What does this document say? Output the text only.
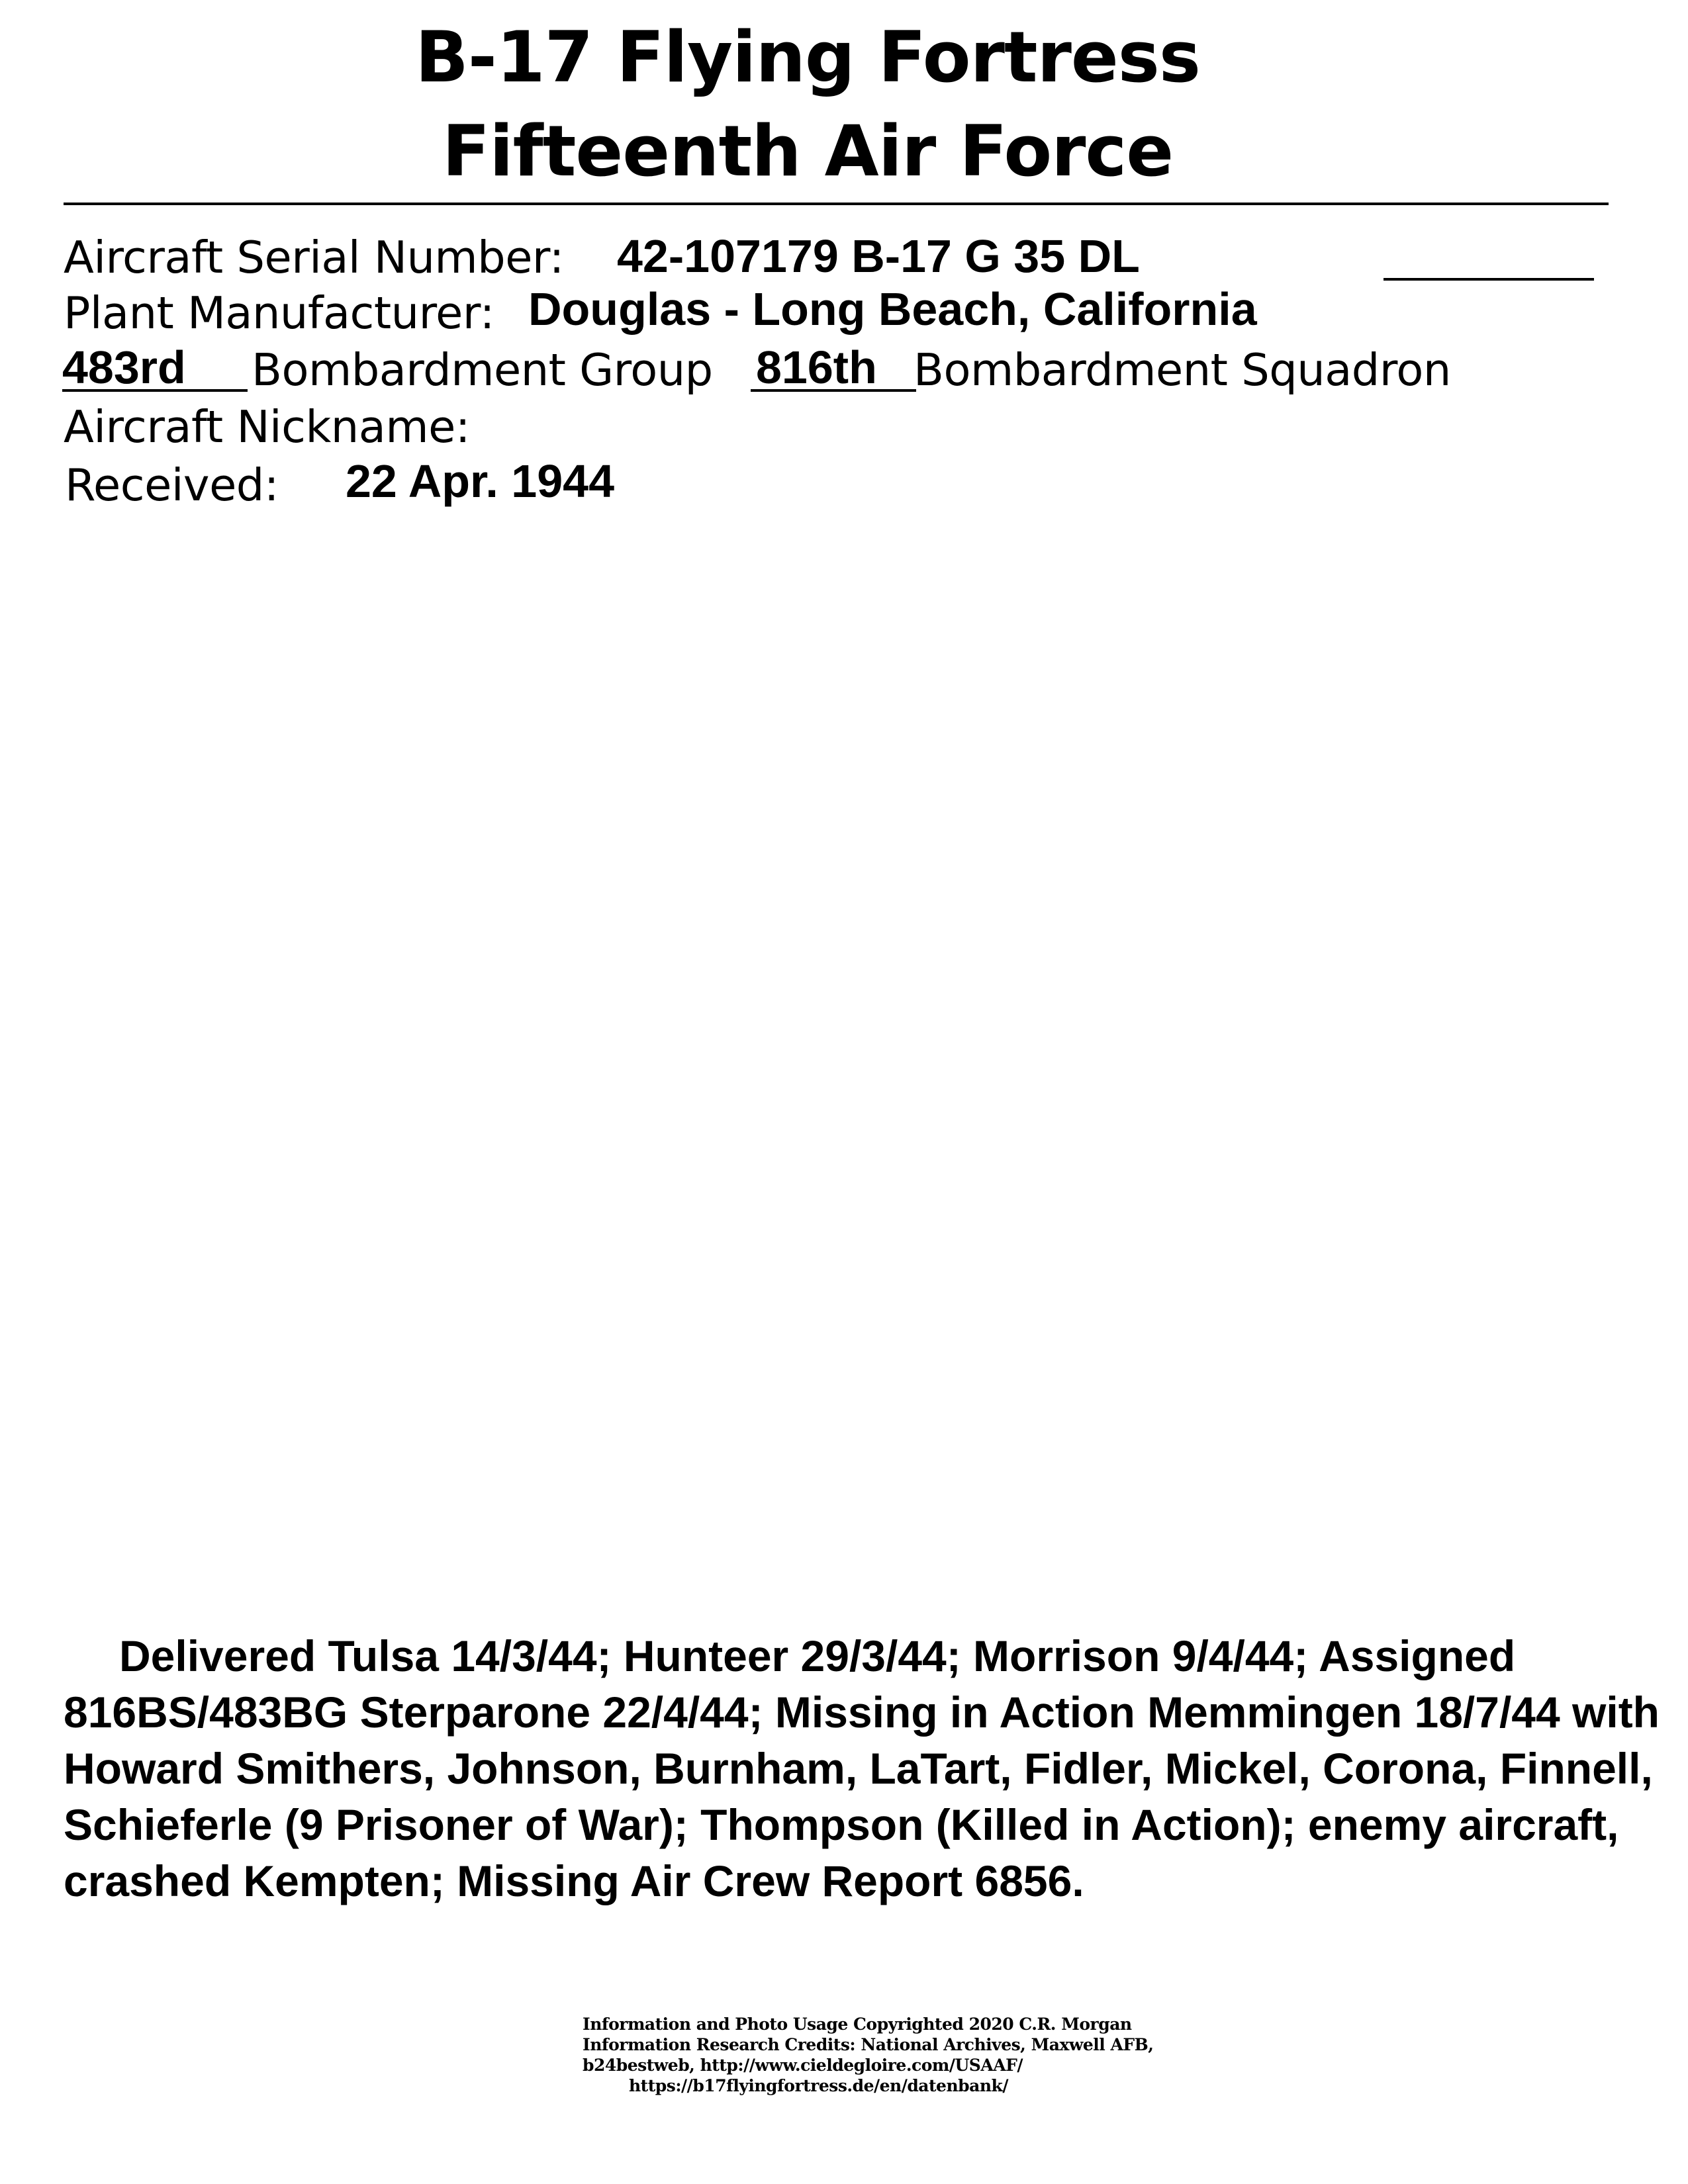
B-17 Flying Fortress
Fifteenth Air Force
Aircraft Serial Number: 42-107179 B-17 G 35 DL
Plant Manufacturer: Douglas - Long Beach, California
483rd Bombardment Group 816th Bombardment Squadron
Aircraft Nickname:
Received: 22 Apr. 1944
Delivered Tulsa 14/3/44; Hunteer 29/3/44; Morrison 9/4/44; Assigned 816BS/483BG Sterparone 22/4/44; Missing in Action Memmingen 18/7/44 with Howard Smithers, Johnson, Burnham, LaTart, Fidler, Mickel, Corona, Finnell, Schieferle (9 Prisoner of War); Thompson (Killed in Action); enemy aircraft, crashed Kempten; Missing Air Crew Report 6856.
Information and Photo Usage Copyrighted 2020 C.R. Morgan
Information Research Credits: National Archives, Maxwell AFB,
b24bestweb, http://www.cieldegloire.com/USAAF/
https://b17flyingfortress.de/en/datenbank/
